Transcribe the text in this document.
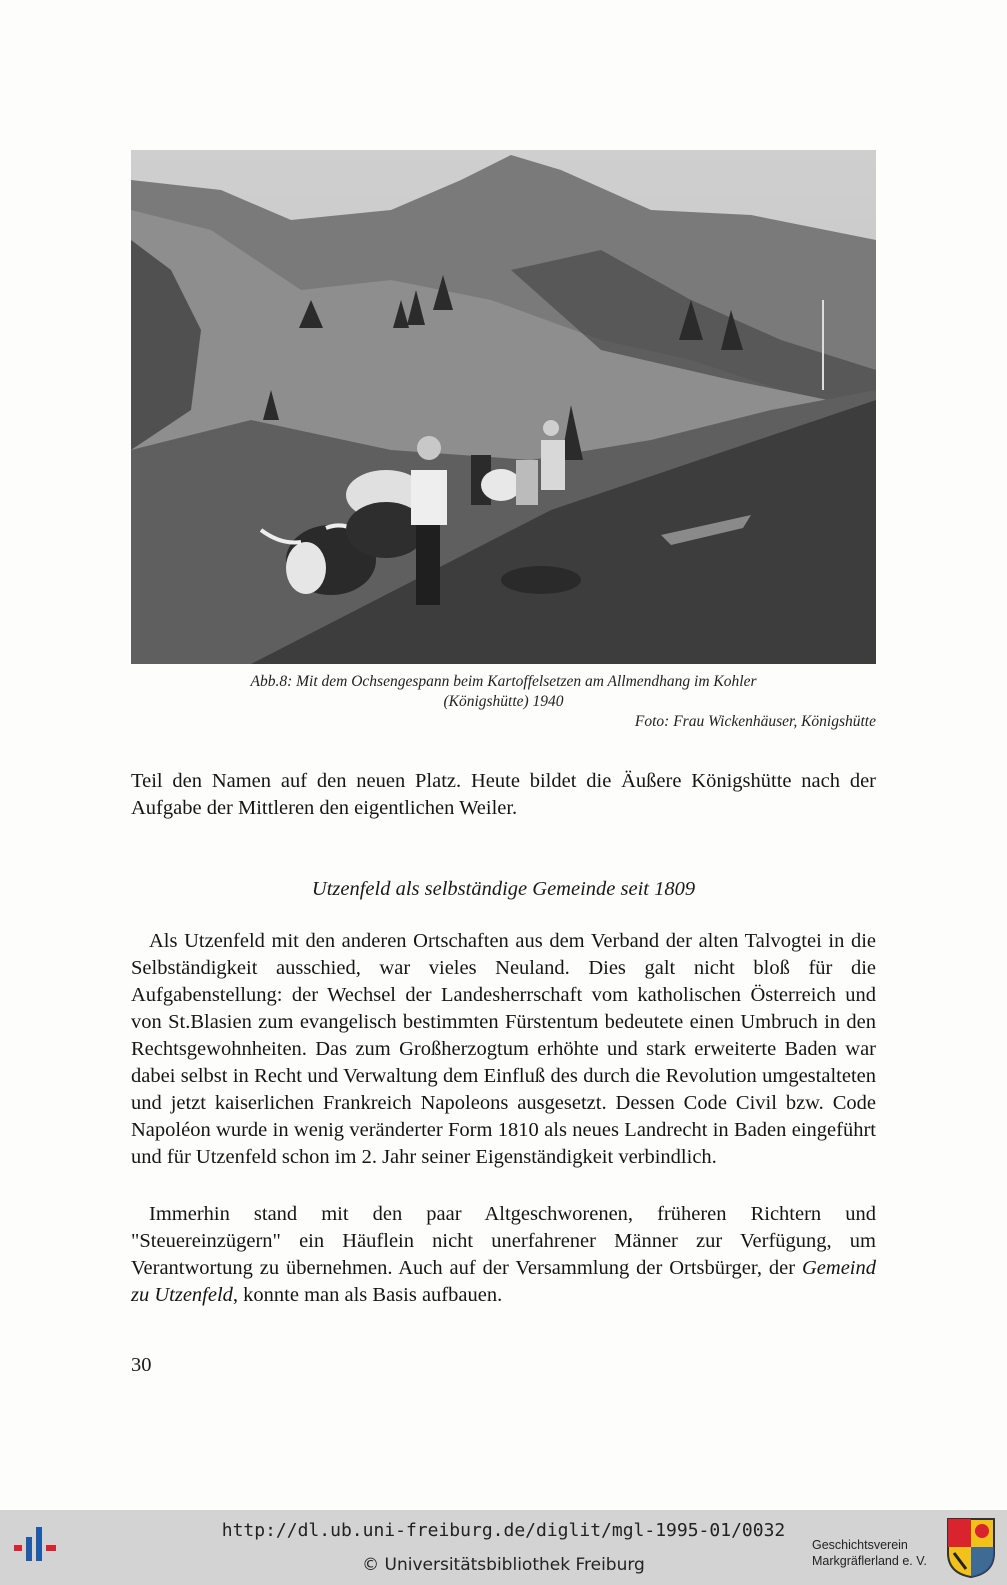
Abb.8: Mit dem Ochsengespann beim Kartoffelsetzen am Allmendhang im Kohler
(Königshütte) 1940
Foto: Frau Wickenhäuser, Königshütte
Teil den Namen auf den neuen Platz. Heute bildet die Äußere Königshütte nach der Aufgabe der Mittleren den eigentlichen Weiler.
Utzenfeld als selbständige Gemeinde seit 1809
Als Utzenfeld mit den anderen Ortschaften aus dem Verband der alten Talvogtei in die Selbständigkeit ausschied, war vieles Neuland. Dies galt nicht bloß für die Aufgabenstellung: der Wechsel der Landesherrschaft vom katholischen Österreich und von St.Blasien zum evangelisch bestimmten Fürstentum bedeutete einen Umbruch in den Rechtsgewohnheiten. Das zum Großherzogtum erhöhte und stark erweiterte Baden war dabei selbst in Recht und Verwaltung dem Einfluß des durch die Revolution umgestalteten und jetzt kaiserlichen Frankreich Napoleons ausgesetzt. Dessen Code Civil bzw. Code Napoléon wurde in wenig veränderter Form 1810 als neues Landrecht in Baden eingeführt und für Utzenfeld schon im 2. Jahr seiner Eigenständigkeit verbindlich.
Immerhin stand mit den paar Altgeschworenen, früheren Richtern und "Steuereinzügern" ein Häuflein nicht unerfahrener Männer zur Verfügung, um Verantwortung zu übernehmen. Auch auf der Versammlung der Ortsbürger, der Gemeind zu Utzenfeld, konnte man als Basis aufbauen.
30
http://dl.ub.uni-freiburg.de/diglit/mgl-1995-01/0032
© Universitätsbibliothek Freiburg
Geschichtsverein
Markgräflerland e. V.
